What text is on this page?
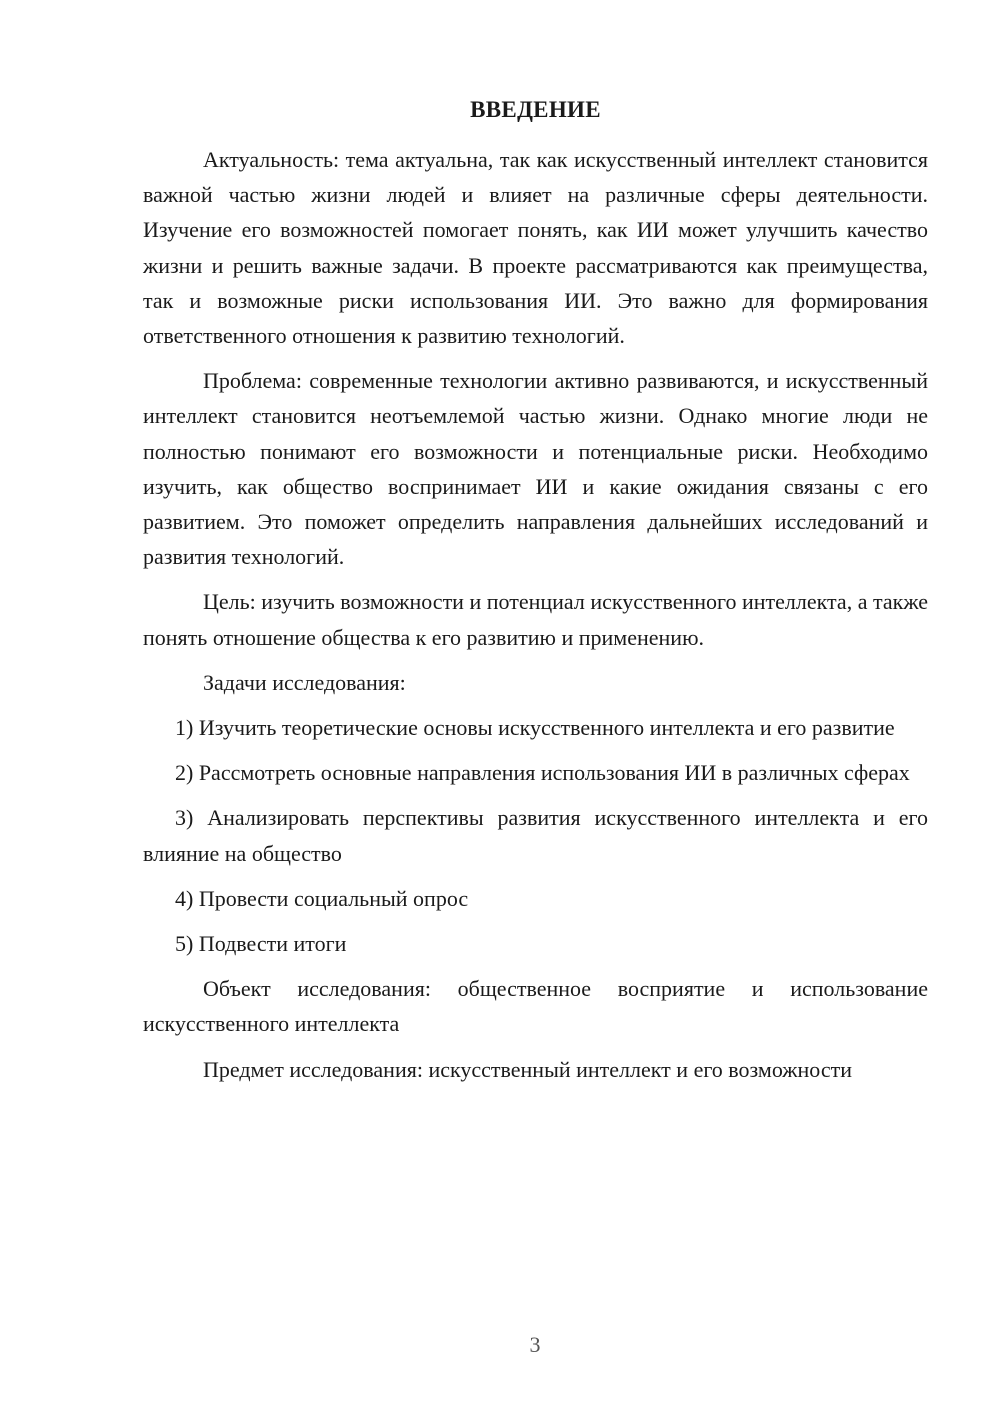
ВВЕДЕНИЕ

Актуальность: тема актуальна, так как искусственный интеллект становится важной частью жизни людей и влияет на различные сферы деятельности. Изучение его возможностей помогает понять, как ИИ может улучшить качество жизни и решить важные задачи. В проекте рассматриваются как преимущества, так и возможные риски использования ИИ. Это важно для формирования ответственного отношения к развитию технологий.

Проблема: современные технологии активно развиваются, и искусственный интеллект становится неотъемлемой частью жизни. Однако многие люди не полностью понимают его возможности и потенциальные риски. Необходимо изучить, как общество воспринимает ИИ и какие ожидания связаны с его развитием. Это поможет определить направления дальнейших исследований и развития технологий.

Цель: изучить возможности и потенциал искусственного интеллекта, а также понять отношение общества к его развитию и применению.

Задачи исследования:

1) Изучить теоретические основы искусственного интеллекта и его развитие

2) Рассмотреть основные направления использования ИИ в различных сферах

3) Анализировать перспективы развития искусственного интеллекта и его влияние на общество

4) Провести социальный опрос

5) Подвести итоги

Объект исследования: общественное восприятие и использование искусственного интеллекта

Предмет исследования: искусственный интеллект и его возможности

3
